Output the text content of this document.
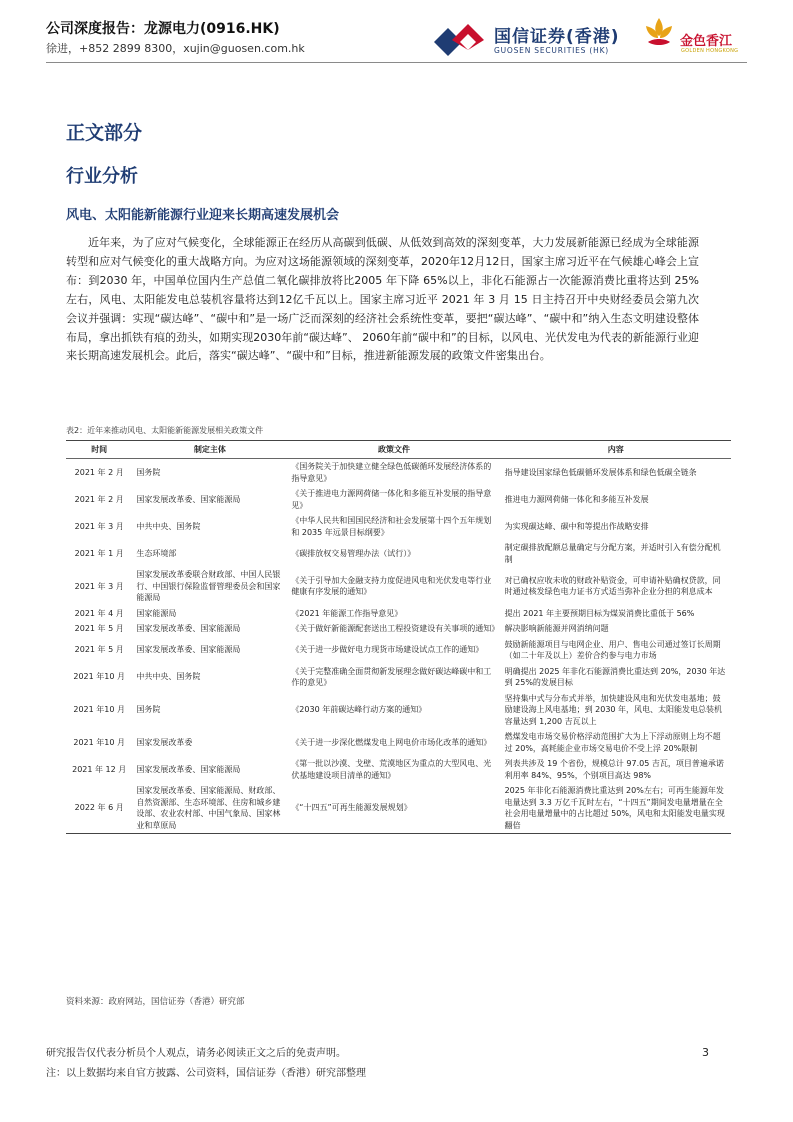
公司深度报告：龙源电力(0916.HK)
徐进，+852 2899 8300，xujin@guosen.com.hk
国信证券(香港)
GUOSEN SECURITIES (HK)
金色香江
GOLDEN HONGKONG
正文部分
行业分析
风电、太阳能新能源行业迎来长期高速发展机会

近年来，为了应对气候变化，全球能源正在经历从高碳到低碳、从低效到高效的深刻变革，大力发展新能源已经成为全球能源转型和应对气候变化的重大战略方向。为应对这场能源领域的深刻变革，2020年12月12日，国家主席习近平在气候雄心峰会上宣布：到2030 年，中国单位国内生产总值二氧化碳排放将比2005 年下降 65%以上，非化石能源占一次能源消费比重将达到 25%左右，风电、太阳能发电总装机容量将达到12亿千瓦以上。国家主席习近平 2021 年 3 月 15 日主持召开中央财经委员会第九次会议并强调：实现“碳达峰”、“碳中和”是一场广泛而深刻的经济社会系统性变革，要把“碳达峰”、“碳中和”纳入生态文明建设整体布局，拿出抓铁有痕的劲头，如期实现2030年前“碳达峰”、 2060年前“碳中和”的目标，以风电、光伏发电为代表的新能源行业迎来长期高速发展机会。此后，落实“碳达峰”、“碳中和”目标，推进新能源发展的政策文件密集出台。

表2：近年来推动风电、太阳能新能源发展相关政策文件
时间	制定主体	政策文件	内容
2021 年 2 月	国务院	《国务院关于加快建立健全绿色低碳循环发展经济体系的指导意见》	指导建设国家绿色低碳循环发展体系和绿色低碳全链条
2021 年 2 月	国家发展改革委、国家能源局	《关于推进电力源网荷储一体化和多能互补发展的指导意见》	推进电力源网荷储一体化和多能互补发展
2021 年 3 月	中共中央、国务院	《中华人民共和国国民经济和社会发展第十四个五年规划和 2035 年远景目标纲要》	为实现碳达峰、碳中和等提出作战略安排
2021 年 1 月	生态环境部	《碳排放权交易管理办法（试行）》	制定碳排放配额总量确定与分配方案，并适时引入有偿分配机制
2021 年 3 月	国家发展改革委联合财政部、中国人民银行、中国银行保险监督管理委员会和国家能源局	《关于引导加大金融支持力度促进风电和光伏发电等行业健康有序发展的通知》	对已确权应收未收的财政补贴资金，可申请补贴确权贷款，同时通过核发绿色电力证书方式适当弥补企业分担的利息成本
2021 年 4 月	国家能源局	《2021 年能源工作指导意见》	提出 2021 年主要预期目标为煤炭消费比重低于 56%
2021 年 5 月	国家发展改革委、国家能源局	《关于做好新能源配套送出工程投资建设有关事项的通知》	解决影响新能源并网消纳问题
2021 年 5 月	国家发展改革委、国家能源局	《关于进一步做好电力现货市场建设试点工作的通知》	鼓励新能源项目与电网企业、用户、售电公司通过签订长周期（如二十年及以上）差价合约参与电力市场
2021 年10 月	中共中央、国务院	《关于完整准确全面贯彻新发展理念做好碳达峰碳中和工作的意见》	明确提出 2025 年非化石能源消费比重达到 20%，2030 年达到 25%的发展目标
2021 年10 月	国务院	《2030 年前碳达峰行动方案的通知》	坚持集中式与分布式并举，加快建设风电和光伏发电基地；鼓励建设海上风电基地；到 2030 年，风电、太阳能发电总装机容量达到 1,200 吉瓦以上
2021 年10 月	国家发展改革委	《关于进一步深化燃煤发电上网电价市场化改革的通知》	燃煤发电市场交易价格浮动范围扩大为上下浮动原则上均不超过 20%，高耗能企业市场交易电价不受上浮 20%限制
2021 年 12 月	国家发展改革委、国家能源局	《第一批以沙漠、戈壁、荒漠地区为重点的大型风电、光伏基地建设项目清单的通知》	列表共涉及 19 个省份，规模总计 97.05 吉瓦，项目普遍承诺利用率 84%、95%，个别项目高达 98%
2022 年 6 月	国家发展改革委、国家能源局、财政部、自然资源部、生态环境部、住房和城乡建设部、农业农村部、中国气象局、国家林业和草原局	《“十四五”可再生能源发展规划》	2025 年非化石能源消费比重达到 20%左右；可再生能源年发电量达到 3.3 万亿千瓦时左右，“十四五”期间发电量增量在全社会用电量增量中的占比超过 50%，风电和太阳能发电量实现翻倍
资料来源：政府网站，国信证券（香港）研究部
研究报告仅代表分析员个人观点，请务必阅读正文之后的免责声明。
注：以上数据均来自官方披露、公司资料，国信证券（香港）研究部整理
3
